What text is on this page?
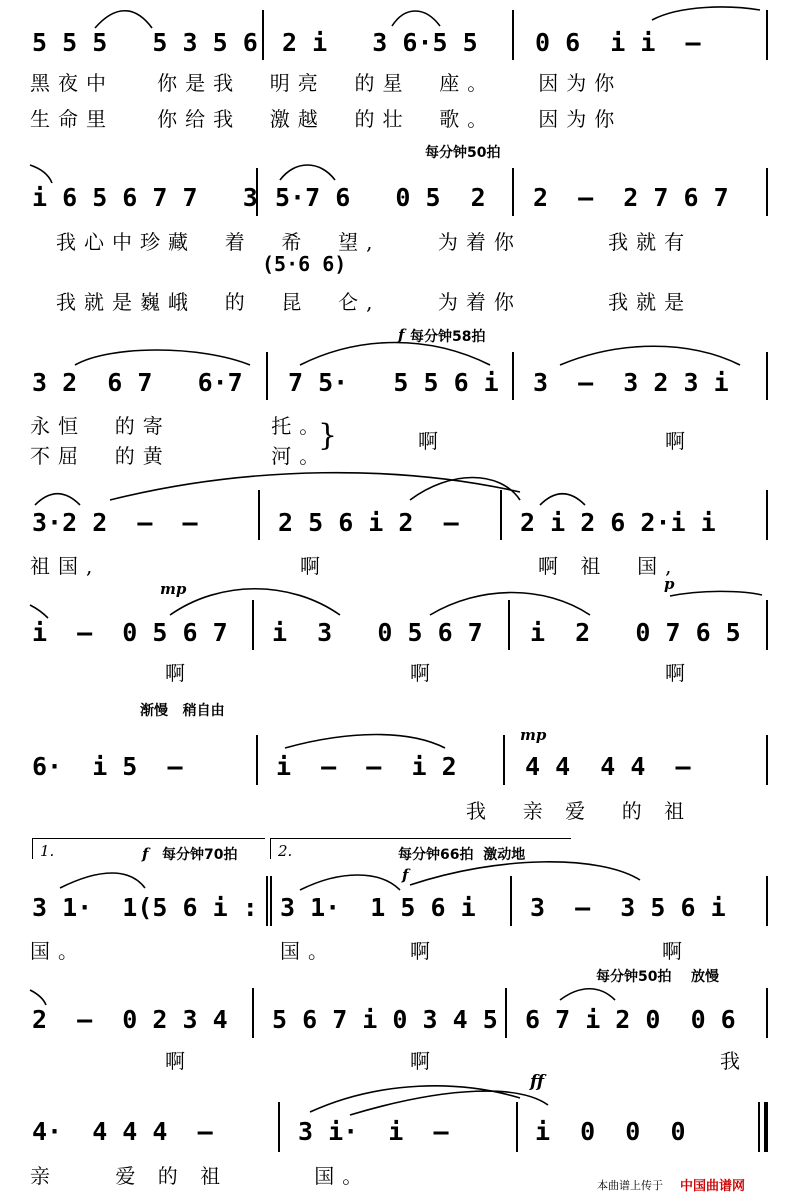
5 5 5   5 3 5 6 2 i   3 6·5 5 0 6  i i  –
黑夜中   你是我  明亮  的星  座。   因为你
生命里   你给我  激越  的壮  歌。   因为你
每分钟50拍
i 6 5 6 7 7   3 5·7 6   0 5  2 2  –  2 7 6 7
我心中珍藏  着  希  望,    为着你      我就有
(5·6 6)
我就是巍峨  的  昆  仑,    为着你      我就是
f 每分钟58拍
3 2  6 7   6·7 7 5·   5 5 6 i 3  –  3 2 3 i
永恒  的寄       托。
不屈  的黄       河。
}	啊	啊
3·2 2  –  –	2 5 6 i 2  – 2 i 2 6 2·i i
祖国,	啊	啊 祖  国,
mp	p
i  –  0 5 6 7 i  3   0 5 6 7 i  2   0 7 6 5
啊	啊	啊
渐慢   稍自由
mp
6·  i 5  –	i  –  –  i 2	4 4  4 4  –
我  亲 爱  的 祖
1.	2.
f 每分钟70拍	每分钟66拍  激动地
f
3 1·  1(5 6 i : 3 1·  1 5 6 i 3  –  3 5 6 i
国。	国。	啊	啊
每分钟50拍    放慢
2  –  0 2 3 4 5 6 7 i 0 3 4 5 6 7 i 2 0  0 6
啊	啊	我
ff
4·  4 4 4  –	3 i·  i  –	i  0  0  0
亲    爱 的 祖      国。	本曲谱上传于 中国曲谱网
